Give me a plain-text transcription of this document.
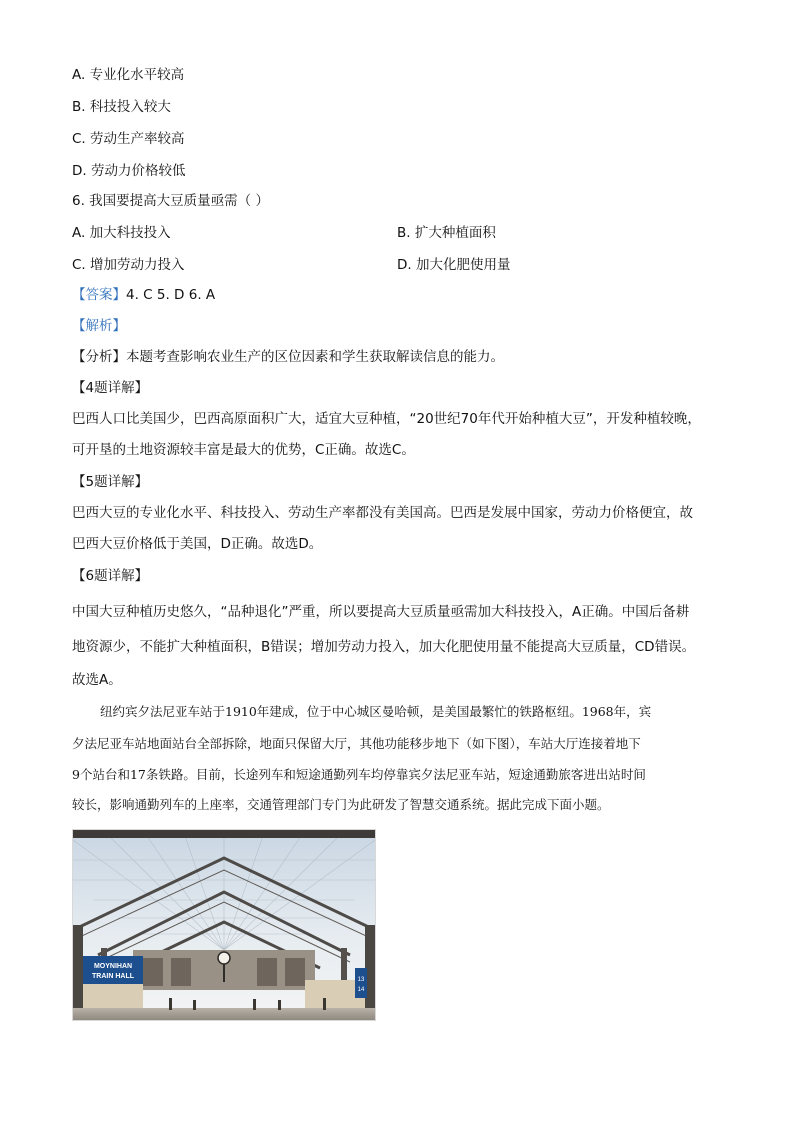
A. 专业化水平较高
B. 科技投入较大
C. 劳动生产率较高
D. 劳动力价格较低
6. 我国要提高大豆质量亟需（ ）
A. 加大科技投入	B. 扩大种植面积
C. 增加劳动力投入	D. 加大化肥使用量
【答案】4. C 5. D 6. A
【解析】
【分析】本题考查影响农业生产的区位因素和学生获取解读信息的能力。
【4题详解】
巴西人口比美国少，巴西高原面积广大，适宜大豆种植，“20世纪70年代开始种植大豆”，开发种植较晚，
可开垦的土地资源较丰富是最大的优势，C正确。故选C。
【5题详解】
巴西大豆的专业化水平、科技投入、劳动生产率都没有美国高。巴西是发展中国家，劳动力价格便宜，故
巴西大豆价格低于美国，D正确。故选D。
【6题详解】
中国大豆种植历史悠久，“品种退化”严重，所以要提高大豆质量亟需加大科技投入，A正确。中国后备耕
地资源少，不能扩大种植面积，B错误；增加劳动力投入，加大化肥使用量不能提高大豆质量，CD错误。
故选A。
纽约宾夕法尼亚车站于1910年建成，位于中心城区曼哈顿，是美国最繁忙的铁路枢纽。1968年，宾
夕法尼亚车站地面站台全部拆除，地面只保留大厅，其他功能移步地下（如下图），车站大厅连接着地下
9个站台和17条铁路。目前，长途列车和短途通勤列车均停靠宾夕法尼亚车站，短途通勤旅客进出站时间
较长，影响通勤列车的上座率，交通管理部门专门为此研发了智慧交通系统。据此完成下面小题。
MOYNIHAN
TRAIN HALL	13
14
